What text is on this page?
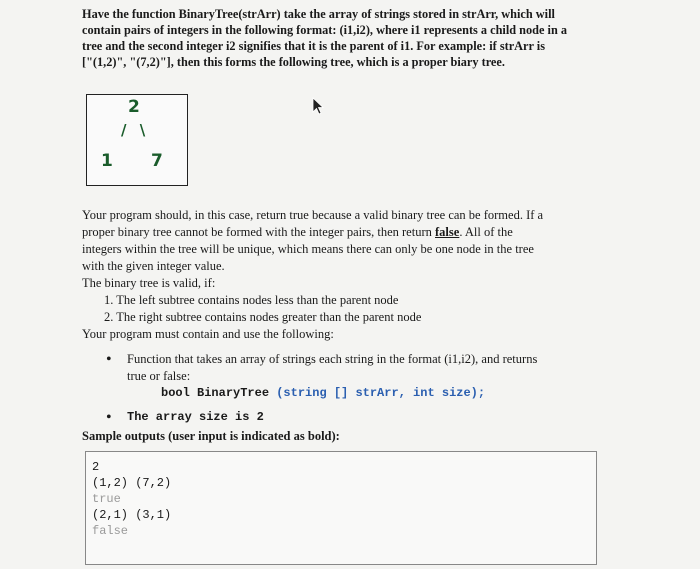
Have the function BinaryTree(strArr) take the array of strings stored in strArr, which will
contain pairs of integers in the following format: (i1,i2), where i1 represents a child node in a
tree and the second integer i2 signifies that it is the parent of i1. For example: if strArr is
["(1,2)", "(7,2)"], then this forms the following tree, which is a proper biary tree.
2
/ \
1 7
Your program should, in this case, return true because a valid binary tree can be formed. If a
proper binary tree cannot be formed with the integer pairs, then return false. All of the
integers within the tree will be unique, which means there can only be one node in the tree
with the given integer value.
The binary tree is valid, if:
1. The left subtree contains nodes less than the parent node
2. The right subtree contains nodes greater than the parent node
Your program must contain and use the following:
• Function that takes an array of strings each string in the format (i1,i2), and returns
true or false:
bool BinaryTree (string [] strArr, int size);
• The array size is 2
Sample outputs (user input is indicated as bold):
2
(1,2) (7,2)
true
(2,1) (3,1)
false
